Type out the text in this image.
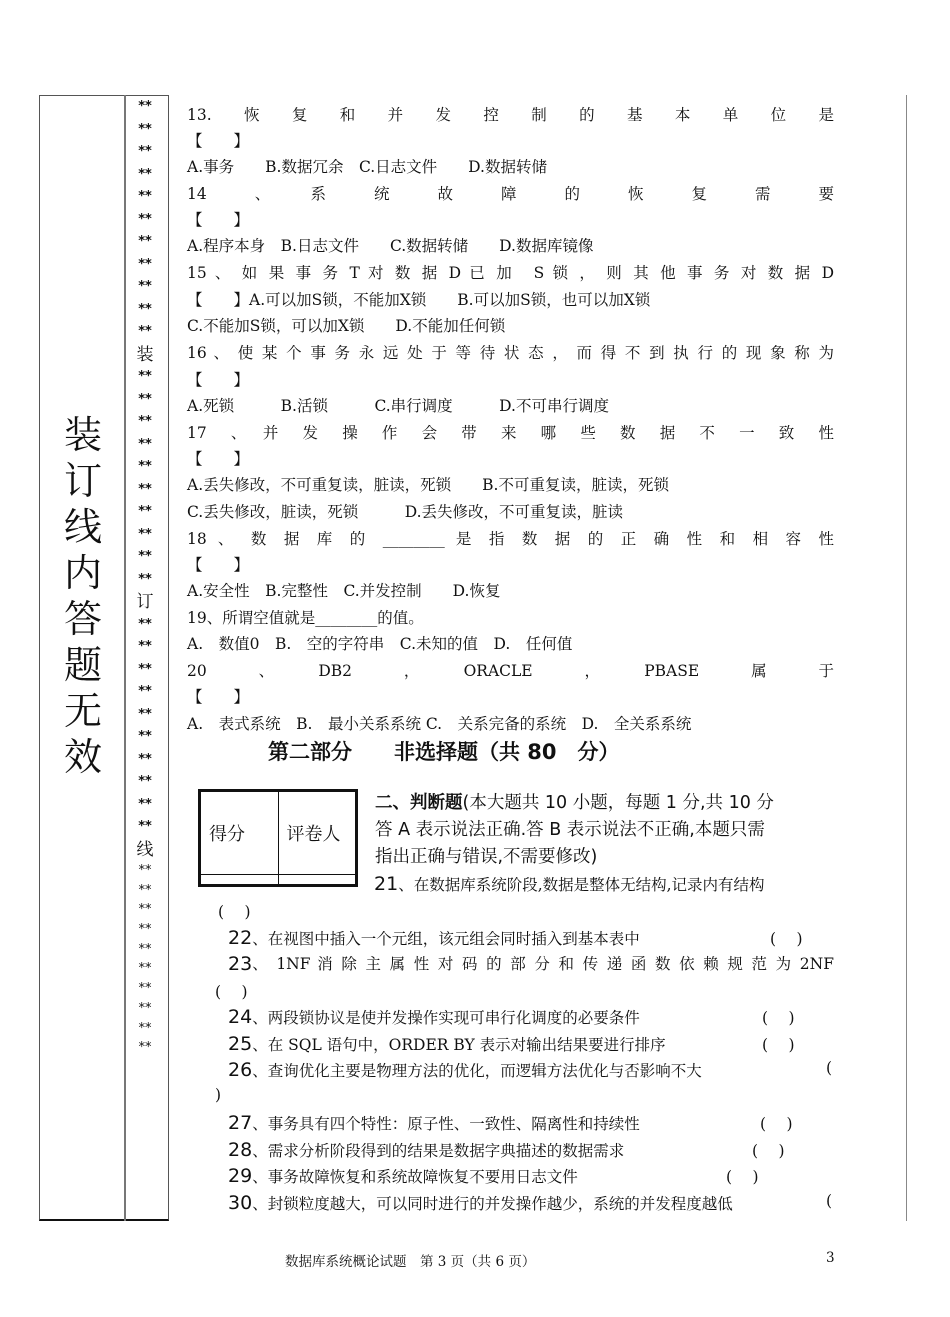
装订线内答题无效
**
**
**
**
**
**
**
**
**
**
**
装
**
**
**
**
**
**
**
**
**
**
订
**
**
**
**
**
**
**
**
**
**
线
**
**
**
**
**
**
**
**
**
**
13.　恢　复　和　并　发　控　制　的　基　本　单　位　是
【　　】
A.事务　　B.数据冗余　C.日志文件　　D.数据转储
14　、　系　统　故　障　的　恢　复　需　要
【　　】
A.程序本身　B.日志文件　　C.数据转储　　D.数据库镜像
15 、 如 果 事 务 T 对 数 据 D 已 加　S 锁 ， 则 其 他 事 务 对 数 据 D
【　　】A.可以加S锁，不能加X锁　　B.可以加S锁，也可以加X锁
C.不能加S锁，可以加X锁　　D.不能加任何锁
16 、 使 某 个 事 务 永 远 处 于 等 待 状 态 ， 而 得 不 到 执 行 的 现 象 称 为
【　　】
A.死锁　　　B.活锁　　　C.串行调度　　　D.不可串行调度
17　、　并　发　操　作　会　带　来　哪　些　数　据　不　一　致　性
【　　】
A.丢失修改，不可重复读，脏读，死锁　　B.不可重复读，脏读，死锁
C.丢失修改，脏读，死锁　　　D.丢失修改，不可重复读，脏读
18 、 数 据 库 的 ________ 是 指 数 据 的 正 确 性 和 相 容 性
【　　】
A.安全性　B.完整性　C.并发控制　　D.恢复
19、所谓空值就是________的值。
A.　数值0　B.　空的字符串　C.未知的值　D.　任何值
20　、　DB2　，　ORACLE　，　PBASE　属　于
【　　】
A.　表式系统　B.　最小关系系统 C.　关系完备的系统　D.　全关系系统
第二部分　　非选择题（共 80　分）
得分	评卷人

二、判断题(本大题共 10 小题，每题 1 分,共 10 分
答 A 表示说法正确.答 B 表示说法不正确,本题只需
指出正确与错误,不需要修改)
21、在数据库系统阶段,数据是整体无结构,记录内有结构
(　 )
22、在视图中插入一个元组，该元组会同时插入到基本表中	(　 )
23 、 1NF 消 除 主 属 性 对 码 的 部 分 和 传 递 函 数 依 赖 规 范 为 2NF
(　 )
24、两段锁协议是使并发操作实现可串行化调度的必要条件	(　 )
25、在 SQL 语句中，ORDER BY 表示对输出结果要进行排序	(　 )
26、查询优化主要是物理方法的优化，而逻辑方法优化与否影响不大	(
)
27、事务具有四个特性：原子性、一致性、隔离性和持续性	(　 )
28、需求分析阶段得到的结果是数据字典描述的数据需求	(　 )
29、事务故障恢复和系统故障恢复不要用日志文件	(　 )
30、封锁粒度越大，可以同时进行的并发操作越少，系统的并发程度越低	(
数据库系统概论试题　第 3 页（共 6 页）	3
